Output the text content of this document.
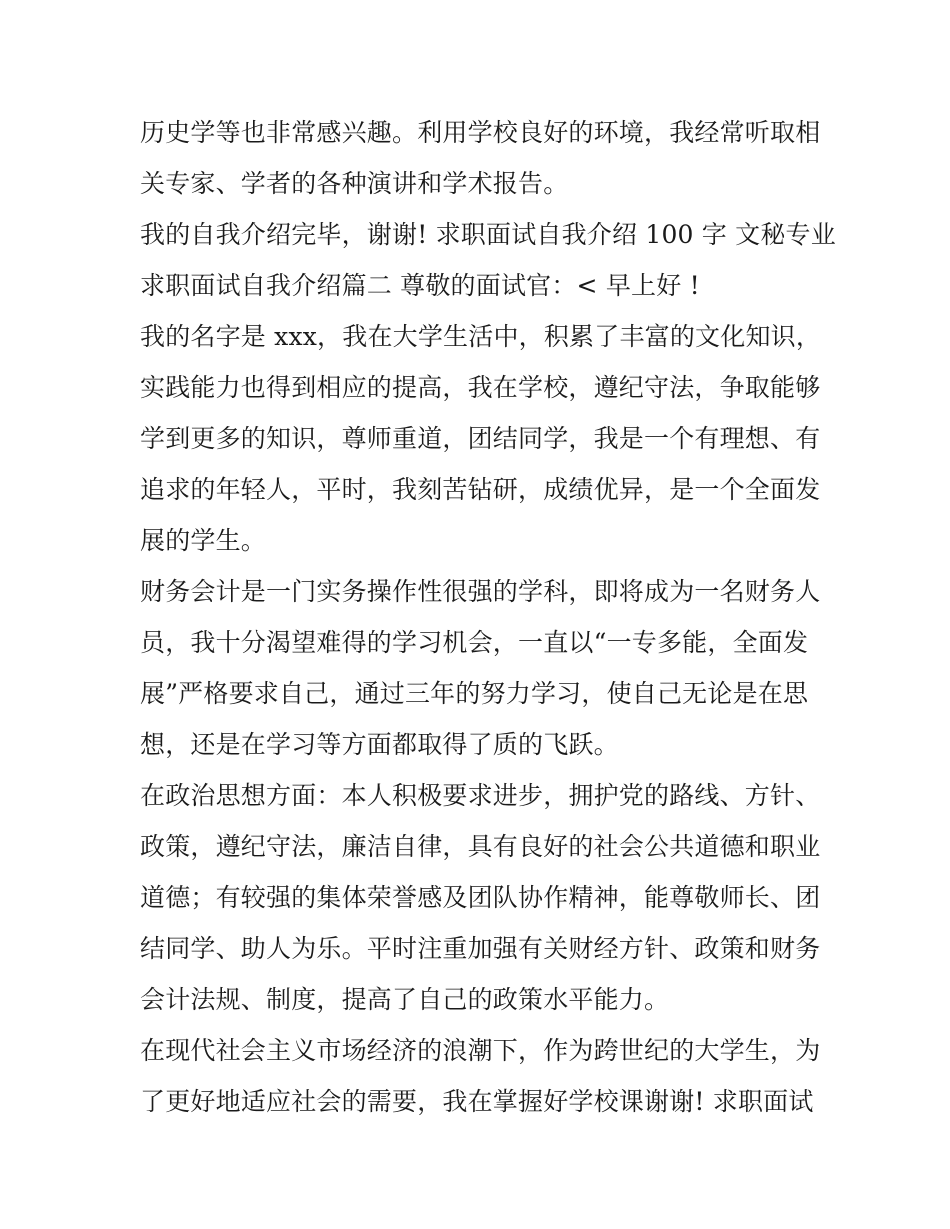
历史学等也非常感兴趣。利用学校良好的环境，我经常听取相
关专家、学者的各种演讲和学术报告。
我的自我介绍完毕，谢谢! 求职面试自我介绍 100 字 文秘专业
求职面试自我介绍篇二 尊敬的面试官：< 早上好 !
我的名字是 xxx，我在大学生活中，积累了丰富的文化知识，
实践能力也得到相应的提高，我在学校，遵纪守法，争取能够
学到更多的知识，尊师重道，团结同学，我是一个有理想、有
追求的年轻人，平时，我刻苦钻研，成绩优异，是一个全面发
展的学生。
财务会计是一门实务操作性很强的学科，即将成为一名财务人
员，我十分渴望难得的学习机会，一直以“一专多能，全面发
展”严格要求自己，通过三年的努力学习，使自己无论是在思
想，还是在学习等方面都取得了质的飞跃。
在政治思想方面：本人积极要求进步，拥护党的路线、方针、
政策，遵纪守法，廉洁自律，具有良好的社会公共道德和职业
道德；有较强的集体荣誉感及团队协作精神，能尊敬师长、团
结同学、助人为乐。平时注重加强有关财经方针、政策和财务
会计法规、制度，提高了自己的政策水平能力。
在现代社会主义市场经济的浪潮下，作为跨世纪的大学生，为
了更好地适应社会的需要，我在掌握好学校课谢谢! 求职面试
